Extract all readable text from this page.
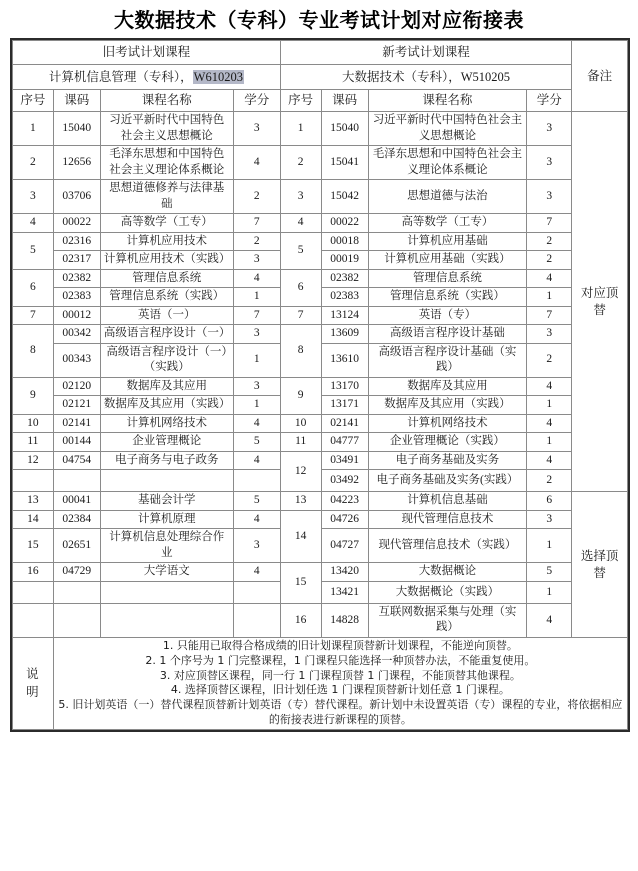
大数据技术（专科）专业考试计划对应衔接表
旧考试计划课程				新考试计划课程				备注
计算机信息管理（专科），W610203				大数据技术（专科），W510205				
序号	课码	课程名称	学分	序号	课码	课程名称	学分	
1	15040	习近平新时代中国特色社会主义思想概论	3	1	15040	习近平新时代中国特色社会主义思想概论	3	对应顶替
2	12656	毛泽东思想和中国特色社会主义理论体系概论	4	2	15041	毛泽东思想和中国特色社会主义理论体系概论	3	
3	03706	思想道德修养与法律基础	2	3	15042	思想道德与法治	3	
4	00022	高等数学（工专）	7	4	00022	高等数学（工专）	7	
5	02316	计算机应用技术	2	5	00018	计算机应用基础	2	
	02317	计算机应用技术（实践）	3		00019	计算机应用基础（实践）	2	
6	02382	管理信息系统	4	6	02382	管理信息系统	4	
	02383	管理信息系统（实践）	1		02383	管理信息系统（实践）	1	
7	00012	英语（一）	7	7	13124	英语（专）	7	
8	00342	高级语言程序设计（一）	3	8	13609	高级语言程序设计基础	3	
	00343	高级语言程序设计（一）（实践）	1		13610	高级语言程序设计基础（实践）	2	
9	02120	数据库及其应用	3	9	13170	数据库及其应用	4	
	02121	数据库及其应用（实践）	1		13171	数据库及其应用（实践）	1	
10	02141	计算机网络技术	4	10	02141	计算机网络技术	4	
11	00144	企业管理概论	5	11	04777	企业管理概论（实践）	1	
12	04754	电子商务与电子政务	4	12	03491	电子商务基础及实务	4	
					03492	电子商务基础及实务(实践）	2	
13	00041	基础会计学	5	13	04223	计算机信息基础	6	选择顶替
14	02384	计算机原理	4	14	04726	现代管理信息技术	3	
15	02651	计算机信息处理综合作业	3		04727	现代管理信息技术（实践）	1	
16	04729	大学语文	4	15	13420	大数据概论	5	
					13421	大数据概论（实践）	1	
				16	14828	互联网数据采集与处理（实践）	4	

说
明

1. 只能用已取得合格成绩的旧计划课程顶替新计划课程，不能逆向顶替。

2. 1 个序号为 1 门完整课程，1 门课程只能选择一种顶替办法，不能重复使用。

3. 对应顶替区课程，同一行 1 门课程顶替 1 门课程，不能顶替其他课程。

4. 选择顶替区课程，旧计划任选 1 门课程顶替新计划任意 1 门课程。

5. 旧计划英语（一）替代课程顶替新计划英语（专）替代课程。新计划中未设置英语（专）课程的专业，将依据相应的衔接表进行新课程的顶替。
